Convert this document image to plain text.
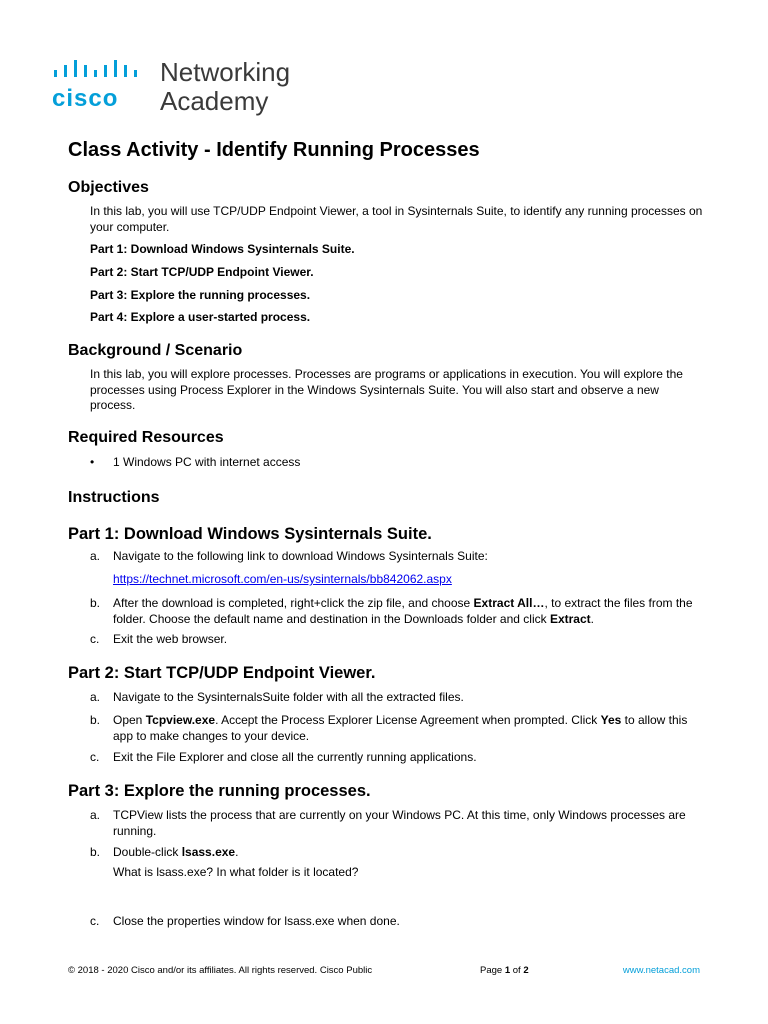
cisco
Networking
Academy
Class Activity - Identify Running Processes
Objectives

In this lab, you will use TCP/UDP Endpoint Viewer, a tool in Sysinternals Suite, to identify any running processes on your computer.

Part 1: Download Windows Sysinternals Suite.

Part 2: Start TCP/UDP Endpoint Viewer.

Part 3: Explore the running processes.

Part 4: Explore a user-started process.

Background / Scenario

In this lab, you will explore processes. Processes are programs or applications in execution. You will explore the processes using Process Explorer in the Windows Sysinternals Suite. You will also start and observe a new process.

Required Resources
• 1 Windows PC with internet access
Instructions
Part 1: Download Windows Sysinternals Suite.
a. Navigate to the following link to download Windows Sysinternals Suite:
https://technet.microsoft.com/en-us/sysinternals/bb842062.aspx
b. After the download is completed, right+click the zip file, and choose Extract All…, to extract the files from the folder. Choose the default name and destination in the Downloads folder and click Extract.
c. Exit the web browser.
Part 2: Start TCP/UDP Endpoint Viewer.
a. Navigate to the SysinternalsSuite folder with all the extracted files.
b. Open Tcpview.exe. Accept the Process Explorer License Agreement when prompted. Click Yes to allow this app to make changes to your device.
c. Exit the File Explorer and close all the currently running applications.
Part 3: Explore the running processes.
a. TCPView lists the process that are currently on your Windows PC. At this time, only Windows processes are running.
b. Double-click lsass.exe.
What is lsass.exe? In what folder is it located?
c. Close the properties window for lsass.exe when done.
© 2018 - 2020 Cisco and/or its affiliates. All rights reserved. Cisco Public	Page 1 of 2	www.netacad.com
